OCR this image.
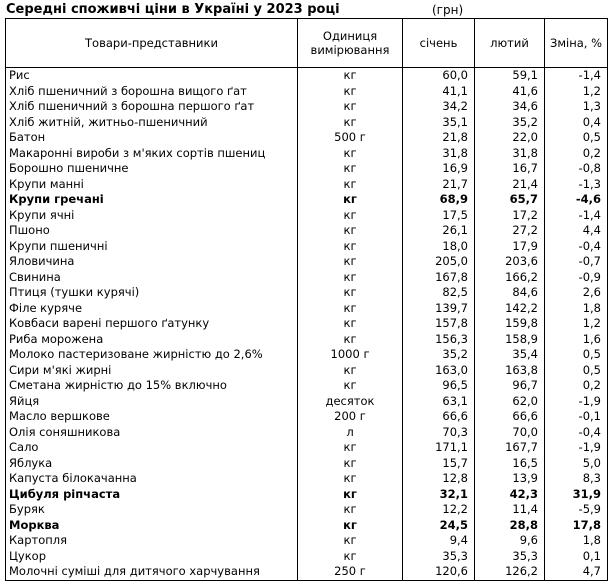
Середні споживчі ціни в Україні у 2023 році	(грн)
Товари-представники	Одиниця вимірювання	січень	лютий	Зміна, %
Рис	кг	60,0	59,1	-1,4
Хліб пшеничний з борошна вищого ґат	кг	41,1	41,6	1,2
Хліб пшеничний з борошна першого ґат	кг	34,2	34,6	1,3
Хліб житній, житньо-пшеничний	кг	35,1	35,2	0,4
Батон	500 г	21,8	22,0	0,5
Макаронні вироби з м'яких сортів пшениц	кг	31,8	31,8	0,2
Борошно пшеничне	кг	16,9	16,7	-0,8
Крупи манні	кг	21,7	21,4	-1,3
Крупи гречані	кг	68,9	65,7	-4,6
Крупи ячні	кг	17,5	17,2	-1,4
Пшоно	кг	26,1	27,2	4,4
Крупи пшеничні	кг	18,0	17,9	-0,4
Яловичина	кг	205,0	203,6	-0,7
Свинина	кг	167,8	166,2	-0,9
Птиця (тушки курячі)	кг	82,5	84,6	2,6
Філе куряче	кг	139,7	142,2	1,8
Ковбаси варені першого ґатунку	кг	157,8	159,8	1,2
Риба морожена	кг	156,3	158,9	1,6
Молоко пастеризоване жирністю до 2,6%	1000 г	35,2	35,4	0,5
Сири м'які жирні	кг	163,0	163,8	0,5
Сметана жирністю до 15% включно	кг	96,5	96,7	0,2
Яйця	десяток	63,1	62,0	-1,9
Масло вершкове	200 г	66,6	66,6	-0,1
Олія соняшникова	л	70,3	70,0	-0,4
Сало	кг	171,1	167,7	-1,9
Яблука	кг	15,7	16,5	5,0
Капуста білокачанна	кг	12,8	13,9	8,3
Цибуля ріпчаста	кг	32,1	42,3	31,9
Буряк	кг	12,2	11,4	-5,9
Морква	кг	24,5	28,8	17,8
Картопля	кг	9,4	9,6	1,8
Цукор	кг	35,3	35,3	0,1
Молочні суміші для дитячого харчування	250 г	120,6	126,2	4,7
